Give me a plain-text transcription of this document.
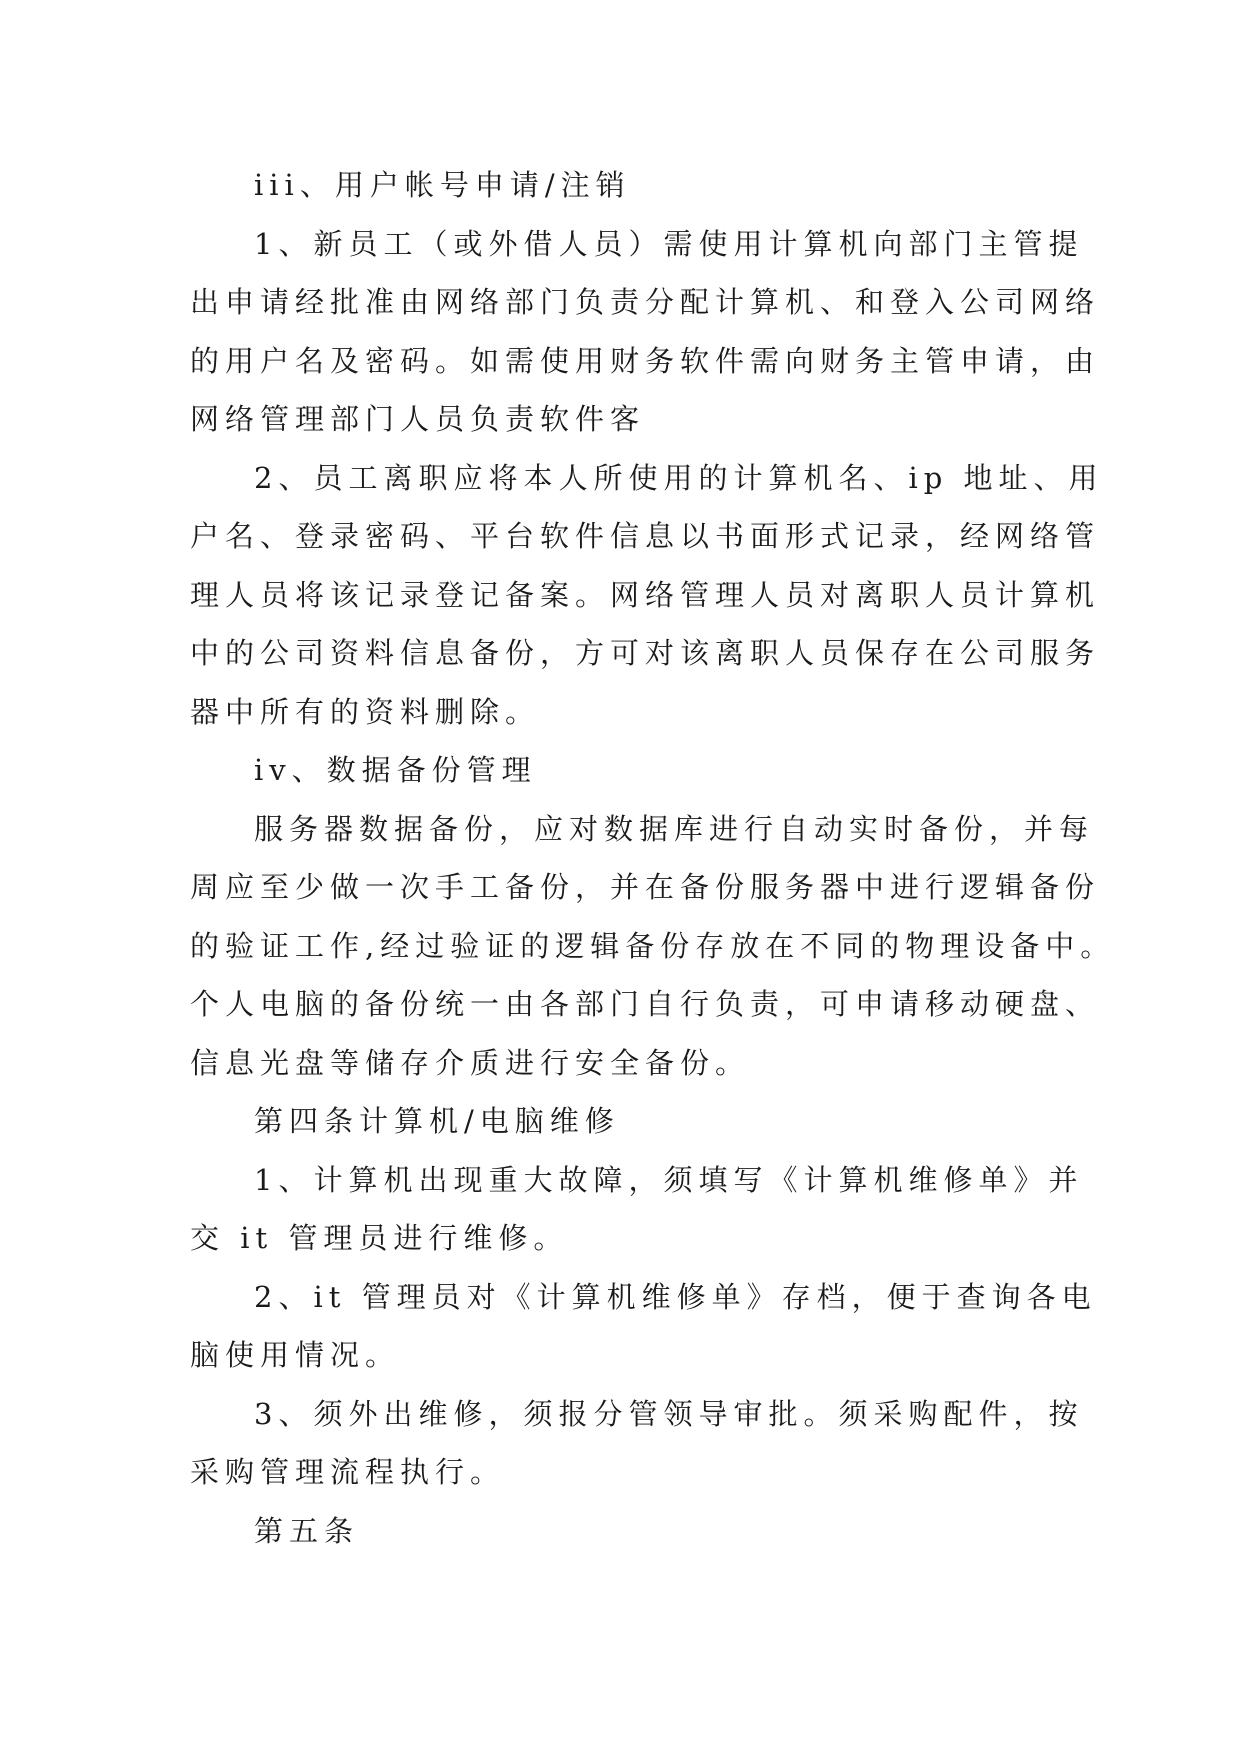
iii、用户帐号申请/注销
1、新员工（或外借人员）需使用计算机向部门主管提
出申请经批准由网络部门负责分配计算机、和登入公司网络
的用户名及密码。如需使用财务软件需向财务主管申请，由
网络管理部门人员负责软件客
2、员工离职应将本人所使用的计算机名、ip 地址、用
户名、登录密码、平台软件信息以书面形式记录，经网络管
理人员将该记录登记备案。网络管理人员对离职人员计算机
中的公司资料信息备份，方可对该离职人员保存在公司服务
器中所有的资料删除。
iv、数据备份管理
服务器数据备份，应对数据库进行自动实时备份，并每
周应至少做一次手工备份，并在备份服务器中进行逻辑备份
的验证工作,经过验证的逻辑备份存放在不同的物理设备中。
个人电脑的备份统一由各部门自行负责，可申请移动硬盘、
信息光盘等储存介质进行安全备份。
第四条计算机/电脑维修
1、计算机出现重大故障，须填写《计算机维修单》并
交 it 管理员进行维修。
2、it 管理员对《计算机维修单》存档，便于查询各电
脑使用情况。
3、须外出维修，须报分管领导审批。须采购配件，按
采购管理流程执行。
第五条
